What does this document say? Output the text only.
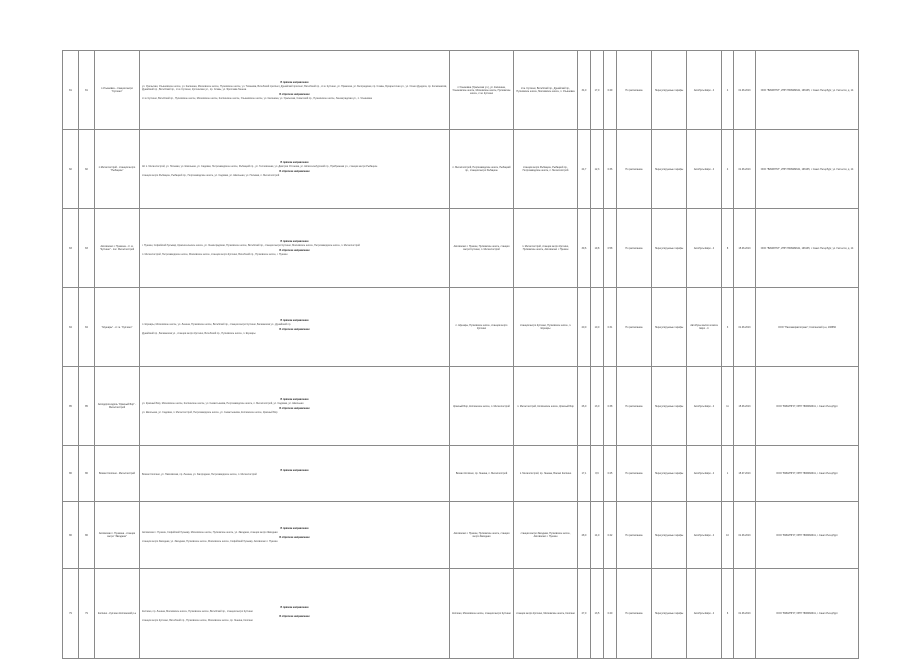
81	81	п.Ульяновка - станция метро "Купчино"	В прямом направлении
ул. Уральская, Ульяновское шоссе, ул. Калинина, Московское шоссе, Пулковское шоссе, ул. Типанова, Витебский проспект, Дунайский проспект, Витебский пр., ст.м. Купчино, ул. Пражская, ул. Белградская, пр. Славы, Бухарестская ул., ул. Олеко Дундича, пр. Космонавтов, Дунайский пр., Витебский пр., ст.м. Купчино, Купчинская ул., пр. Славы, ул. Ярослава Гашека
В обратном направлении
ст.м. Купчино, Витебский пр., Пулковское шоссе, Московское шоссе, Колпинское шоссе, Ульяновское шоссе, ул. Калинина, ул. Уральская, Советский пр., Пушкинское шоссе, Ленинградская ул., п. Ульяновка	п.Ульяновка (Уральская ул.), ул. Калинина, Ульяновское шоссе, Московское шоссе, Пулковское шоссе, ст.м. Купчино	ст.м. Купчино, Витебский пр., Дунайский пр., Пулковское шоссе, Московское шоссе, п. Ульяновка	34,0	17,0	0:49	По расписанию	Нерегулируемые тарифы	Автобусы Евро - 4	4	01.06.2013	ООО "ВИКИНГИ", ИНН 7806082641, 196135, г. Санкт-Петербург, ул. Гастелло, д. 14
82	82	п.Металлострой - станция метро "Рыбацкое"	В прямом направлении
АС п. Металлострой, ул. Полевая, ул. Школьная, ул. Садовая, Петрозаводское шоссе, Рыбацкий пр., ул. Тепловозная, ул. Дмитрия Устинова, ул. Шлиссельбургский пр., Прибрежная ул., станция метро Рыбацкое
В обратном направлении
станция метро Рыбацкое, Рыбацкий пр., Петрозаводское шоссе, ул. Садовая, ул. Школьная, ул. Полевая, п. Металлострой	п. Металлострой, Петрозаводское шоссе, Рыбацкий пр., станция метро Рыбацкое	станция метро Рыбацкое, Рыбацкий пр., Петрозаводское шоссе, п. Металлострой	24,7	12,3	0:36	По расписанию	Нерегулируемые тарифы	Автобусы Евро - 4	4	01.06.2013	ООО "ВИКИНГИ", ИНН 7806082641, 196135, г. Санкт-Петербург, ул. Гастелло, д. 14
83	83	Автовокзал г. Пушкина - ст. м. "Купчино" - пос. Металлострой	В прямом направлении
г. Пушкин, Софийский бульвар, Красносельское шоссе, ул. Ленинградская, Пулковское шоссе, Витебский пр., станция метро Купчино, Московское шоссе, Петрозаводское шоссе, п. Металлострой
В обратном направлении
п. Металлострой, Петрозаводское шоссе, Московское шоссе, станция метро Купчино, Витебский пр., Пулковское шоссе, г. Пушкин	Автовокзал г. Пушкин, Пулковское шоссе, станция метро Купчино, п. Металлострой	п. Металлострой, станция метро Купчино, Пулковское шоссе, Автовокзал г. Пушкин	39,6	19,8	0:58	По расписанию	Нерегулируемые тарифы	Автобусы Евро - 4	8	15.06.2013	ООО "ВИКИНГИ", ИНН 7806082641, 196135, г. Санкт-Петербург, ул. Гастелло, д. 14
84	84	"Шушары" - ст. м. "Купчино"	В прямом направлении
п. Шушары, Московское шоссе, ул. Ленина, Пулковское шоссе, Витебский пр., станция метро Купчино, Балканская ул., Дунайский пр.
В обратном направлении
Дунайский пр., Балканская ул., станция метро Купчино, Витебский пр., Пулковское шоссе, п. Шушары	п. Шушары, Пулковское шоссе, станция метро Купчино	станция метро Купчино, Пулковское шоссе, п. Шушары	20,0	10,0	0:31	По расписанию	Нерегулируемые тарифы	Автобусы малого класса Евро - 4	3	01.06.2013	ООО "Пассажиравтотранс", Колпинский р-н, 196650
85	85	Автодорога вдоль "Красный Бор" - Металлострой	В прямом направлении
ул. Красный Бор, Московское шоссе, Колпинское шоссе, ул. Севастьянова, Петрозаводское шоссе, п. Металлострой, ул. Садовая, ул. Школьная
В обратном направлении
ул. Школьная, ул. Садовая, п. Металлострой, Петрозаводское шоссе, ул. Севастьянова, Колпинское шоссе, Красный Бор	Красный Бор, Колпинское шоссе, п. Металлострой	п. Металлострой, Колпинское шоссе, Красный Бор	26,0	13,0	0:38	По расписанию	Нерегулируемые тарифы	Автобусы Евро - 4	11	15.06.2013	ООО "ВИКИНГИ", ИНН 7806082641, г. Санкт-Петербург
86	86	Вокзал Колпино - Металлострой	В прямом направлении
Вокзал Колпино, ул. Павловская, пр. Ленина, ул. Загородная, Петрозаводское шоссе, п. Металлострой	Вокзал Колпино, пр. Ленина, п. Металлострой	п. Металлострой, пр. Ленина, Вокзал Колпино	17,1	8,6	0:25	По расписанию	Нерегулируемые тарифы	Автобусы Евро - 4	1	15.07.2013	ООО "ВИКИНГИ", ИНН 7806082641, г. Санкт-Петербург
86	86	Автовокзал г. Пушкина - станция метро "Звёздная"	В прямом направлении
Автовокзал г. Пушкин, Софийский бульвар, Московское шоссе, Пулковское шоссе, ул. Звёздная, станция метро Звёздная
В обратном направлении
станция метро Звёздная, ул. Звёздная, Пулковское шоссе, Московское шоссе, Софийский бульвар, Автовокзал г. Пушкин	Автовокзал г. Пушкин, Пулковское шоссе, станция метро Звёздная	станция метро Звёздная, Пулковское шоссе, Автовокзал г. Пушкин	28,0	14,0	0:42	По расписанию	Нерегулируемые тарифы	Автобусы Евро - 4	10	01.06.2013	ООО "ВИКИНГИ", ИНН 7806082641, г. Санкт-Петербург
79	79	Колпино - Купчино Колпинский р-н	В прямом направлении
Колпино, пр. Ленина, Московское шоссе, Пулковское шоссе, Витебский пр., станция метро Купчино
В обратном направлении
станция метро Купчино, Витебский пр., Пулковское шоссе, Московское шоссе, пр. Ленина, Колпино	Колпино, Московское шоссе, станция метро Купчино	станция метро Купчино, Московское шоссе, Колпино	27,0	13,5	0:40	По расписанию	Нерегулируемые тарифы	Автобусы Евро - 4	6	01.06.2013	ООО "ВИКИНГИ", ИНН 7806082641, г. Санкт-Петербург
